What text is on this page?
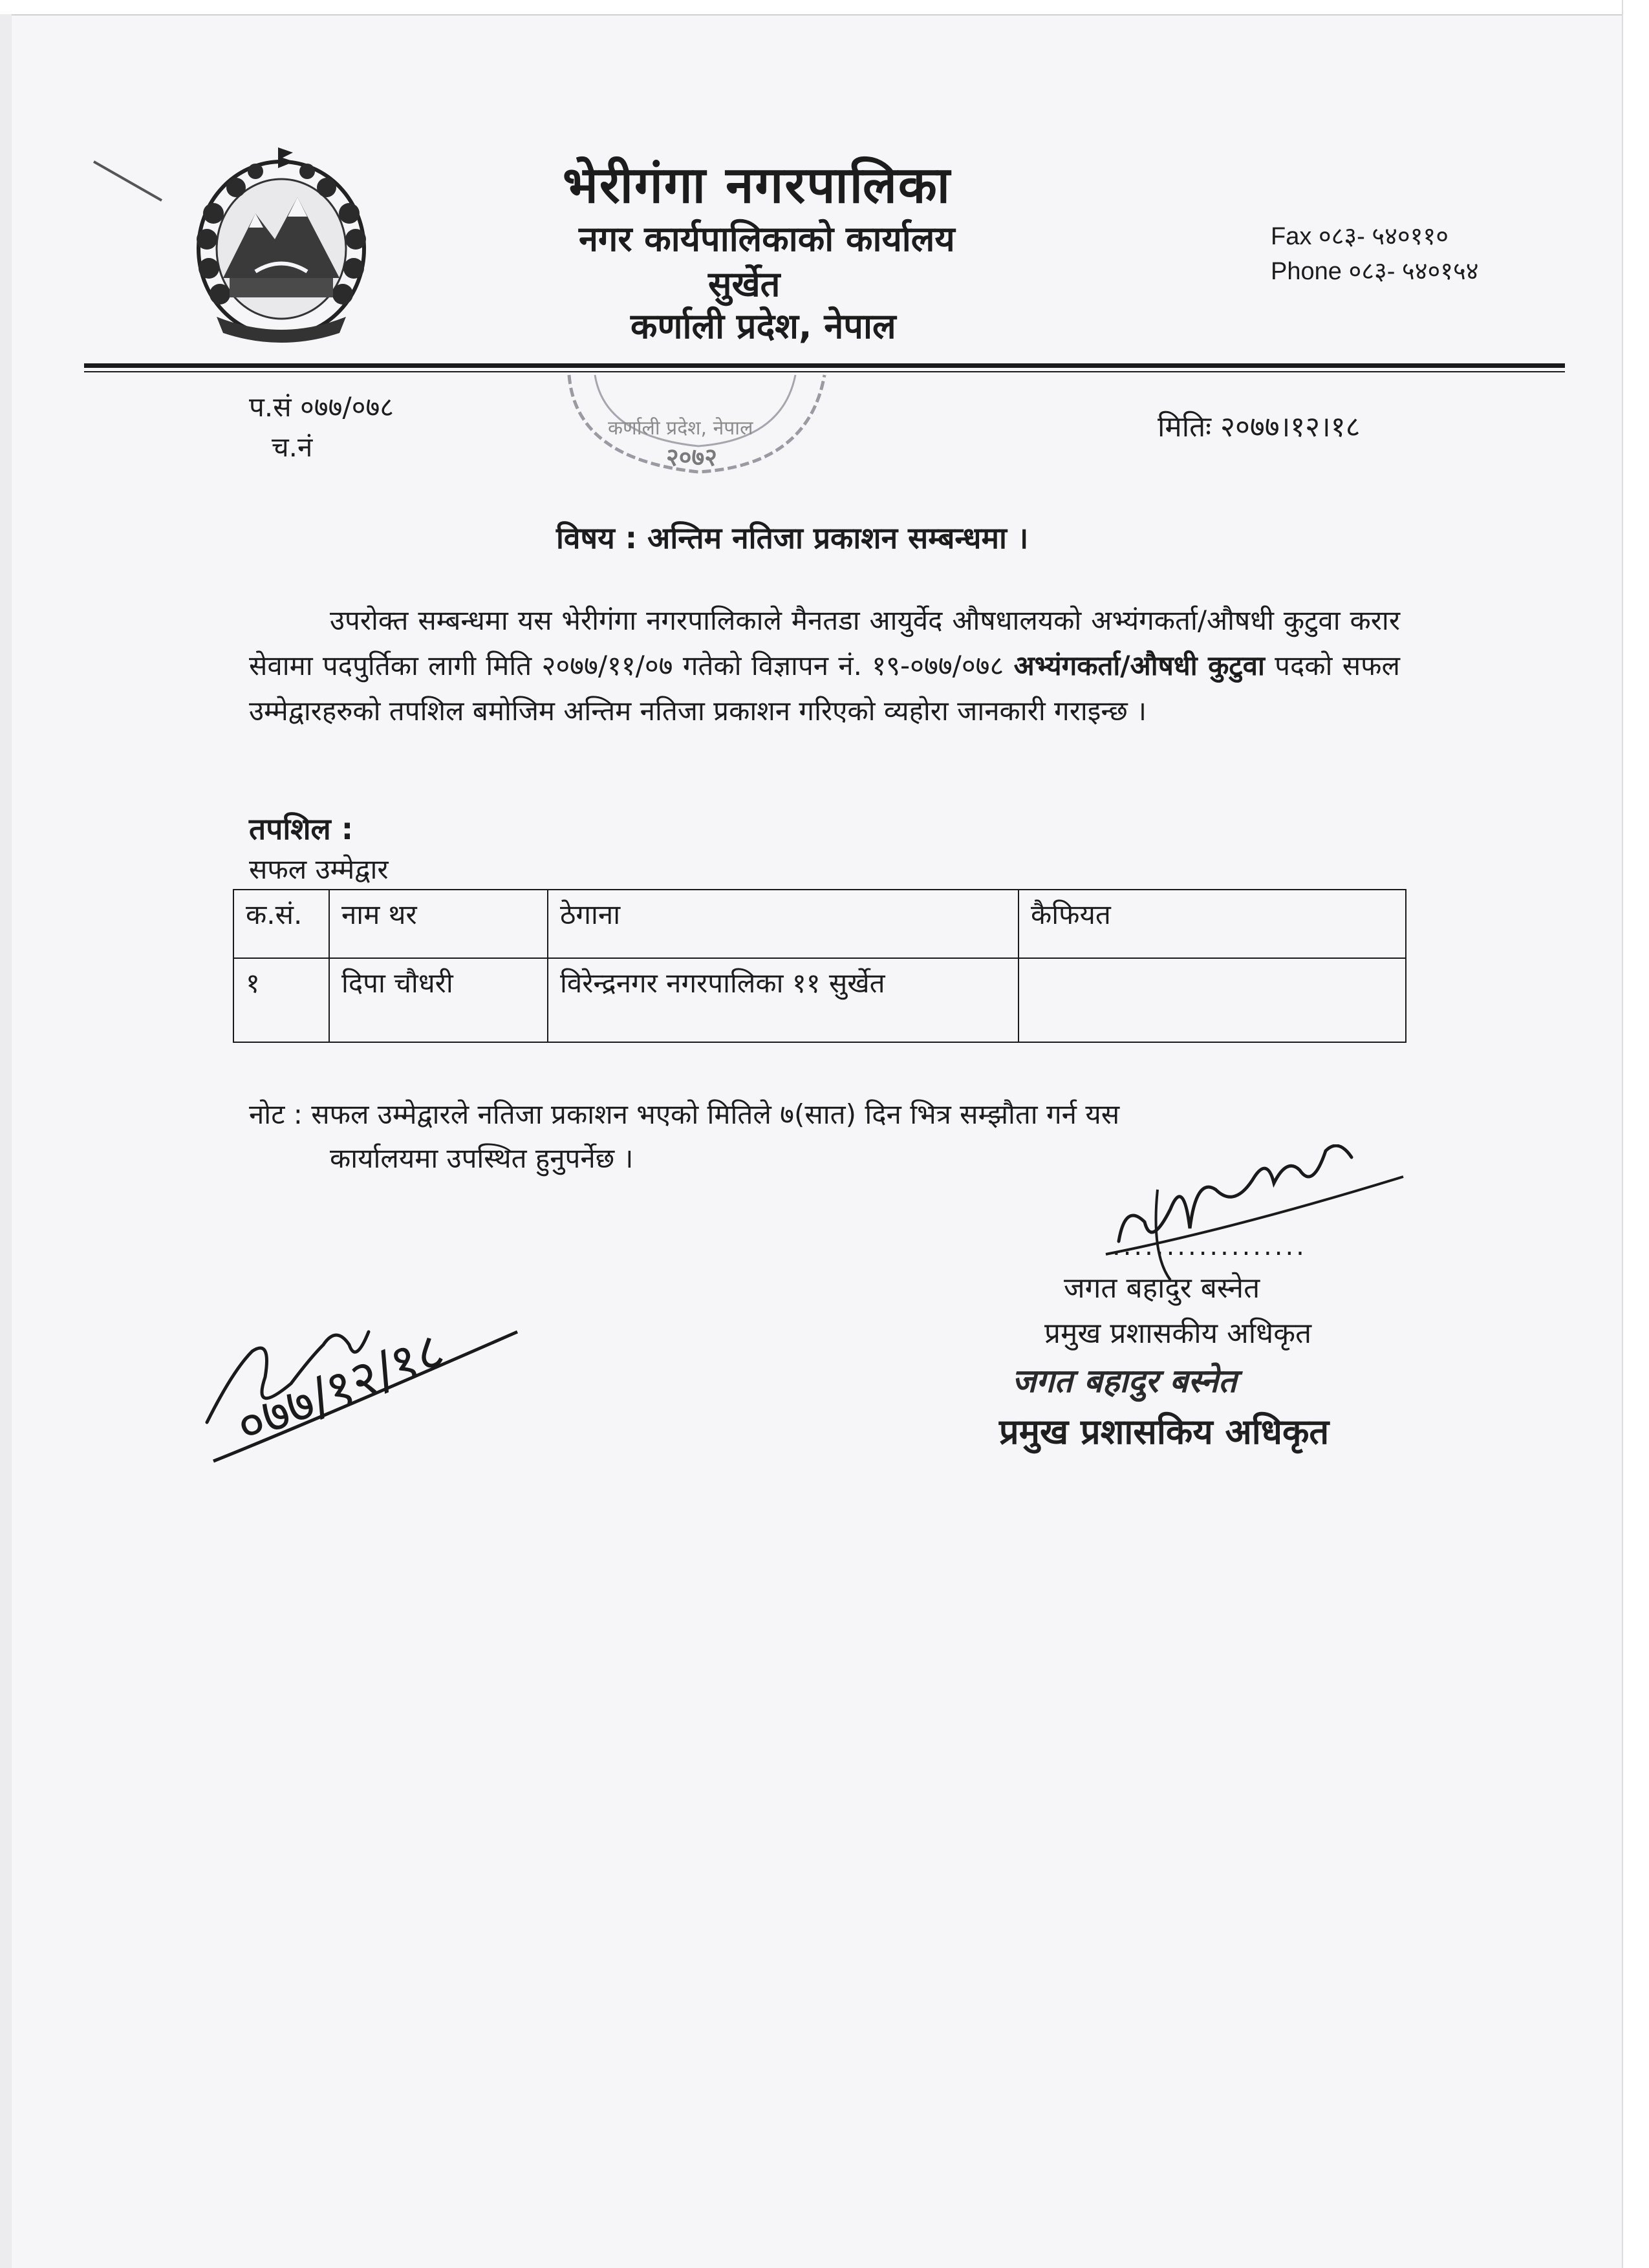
भेरीगंगा नगरपालिका
नगर कार्यपालिकाको कार्यालय
सुर्खेत
कर्णाली प्रदेश, नेपाल
Fax ०८३- ५४०११०
Phone ०८३- ५४०१५४
प.सं ०७७/०७८
च.नं
मितिः २०७७।१२।१८
कर्णाली प्रदेश, नेपाल
२०७२
विषय : अन्तिम नतिजा प्रकाशन सम्बन्धमा ।
उपरोक्त सम्बन्धमा यस भेरीगंगा नगरपालिकाले मैनतडा आयुर्वेद औषधालयको अभ्यंगकर्ता/औषधी कुटुवा करार सेवामा पदपुर्तिका लागी मिति २०७७/११/०७ गतेको विज्ञापन नं. १९-०७७/०७८ अभ्यंगकर्ता/औषधी कुटुवा पदको सफल उम्मेद्वारहरुको तपशिल बमोजिम अन्तिम नतिजा प्रकाशन गरिएको व्यहोरा जानकारी गराइन्छ ।
तपशिल :
सफल उम्मेद्वार
क.सं.	नाम थर	ठेगाना	कैफियत
१	दिपा चौधरी	विरेन्द्रनगर नगरपालिका ११ सुर्खेत	
नोट : सफल उम्मेद्वारले नतिजा प्रकाशन भएको मितिले ७(सात) दिन भित्र सम्झौता गर्न यस
कार्यालयमा उपस्थित हुनुपर्नेछ ।
..................
जगत बहादुर बस्नेत
प्रमुख प्रशासकीय अधिकृत
जगत बहादुर बस्नेत
प्रमुख प्रशासकिय अधिकृत
०७७/१२/१८
